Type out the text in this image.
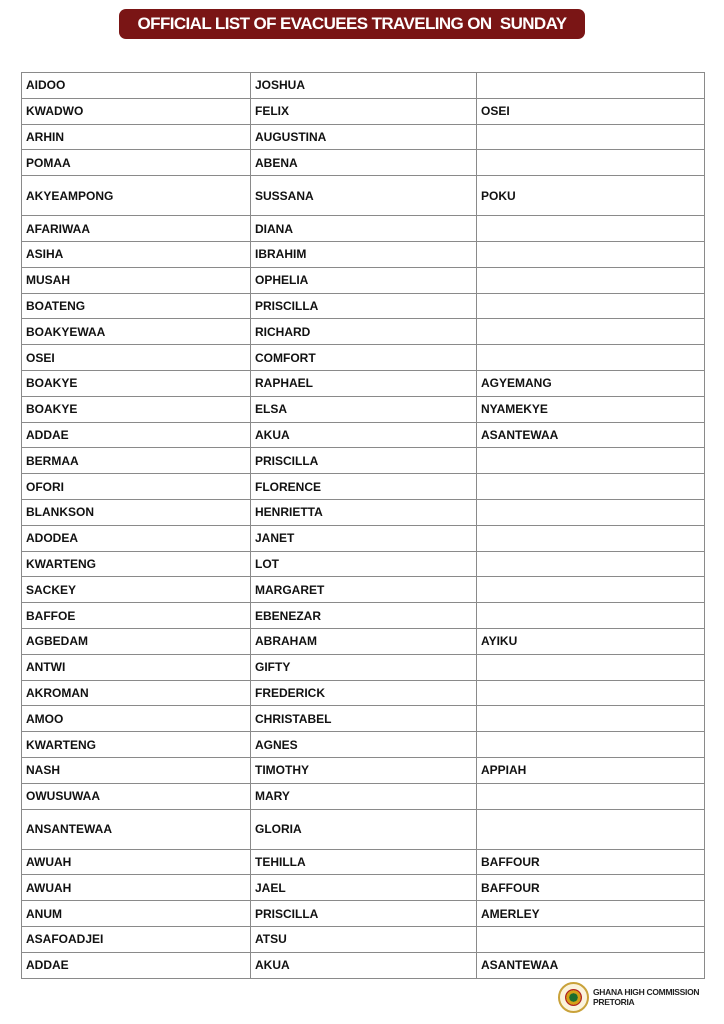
OFFICIAL LIST OF EVACUEES TRAVELING ON  SUNDAY
AIDOO	JOSHUA	
KWADWO	FELIX	OSEI
ARHIN	AUGUSTINA	
POMAA	ABENA	
AKYEAMPONG	SUSSANA	POKU
AFARIWAA	DIANA	
ASIHA	IBRAHIM	
MUSAH	OPHELIA	
BOATENG	PRISCILLA	
BOAKYEWAA	RICHARD	
OSEI	COMFORT	
BOAKYE	RAPHAEL	AGYEMANG
BOAKYE	ELSA	NYAMEKYE
ADDAE	AKUA	ASANTEWAA
BERMAA	PRISCILLA	
OFORI	FLORENCE	
BLANKSON	HENRIETTA	
ADODEA	JANET	
KWARTENG	LOT	
SACKEY	MARGARET	
BAFFOE	EBENEZAR	
AGBEDAM	ABRAHAM	AYIKU
ANTWI	GIFTY	
AKROMAN	FREDERICK	
AMOO	CHRISTABEL	
KWARTENG	AGNES	
NASH	TIMOTHY	APPIAH
OWUSUWAA	MARY	
ANSANTEWAA	GLORIA	
AWUAH	TEHILLA	BAFFOUR
AWUAH	JAEL	BAFFOUR
ANUM	PRISCILLA	AMERLEY
ASAFOADJEI	ATSU	
ADDAE	AKUA	ASANTEWAA
GHANA HIGH COMMISSION
PRETORIA
